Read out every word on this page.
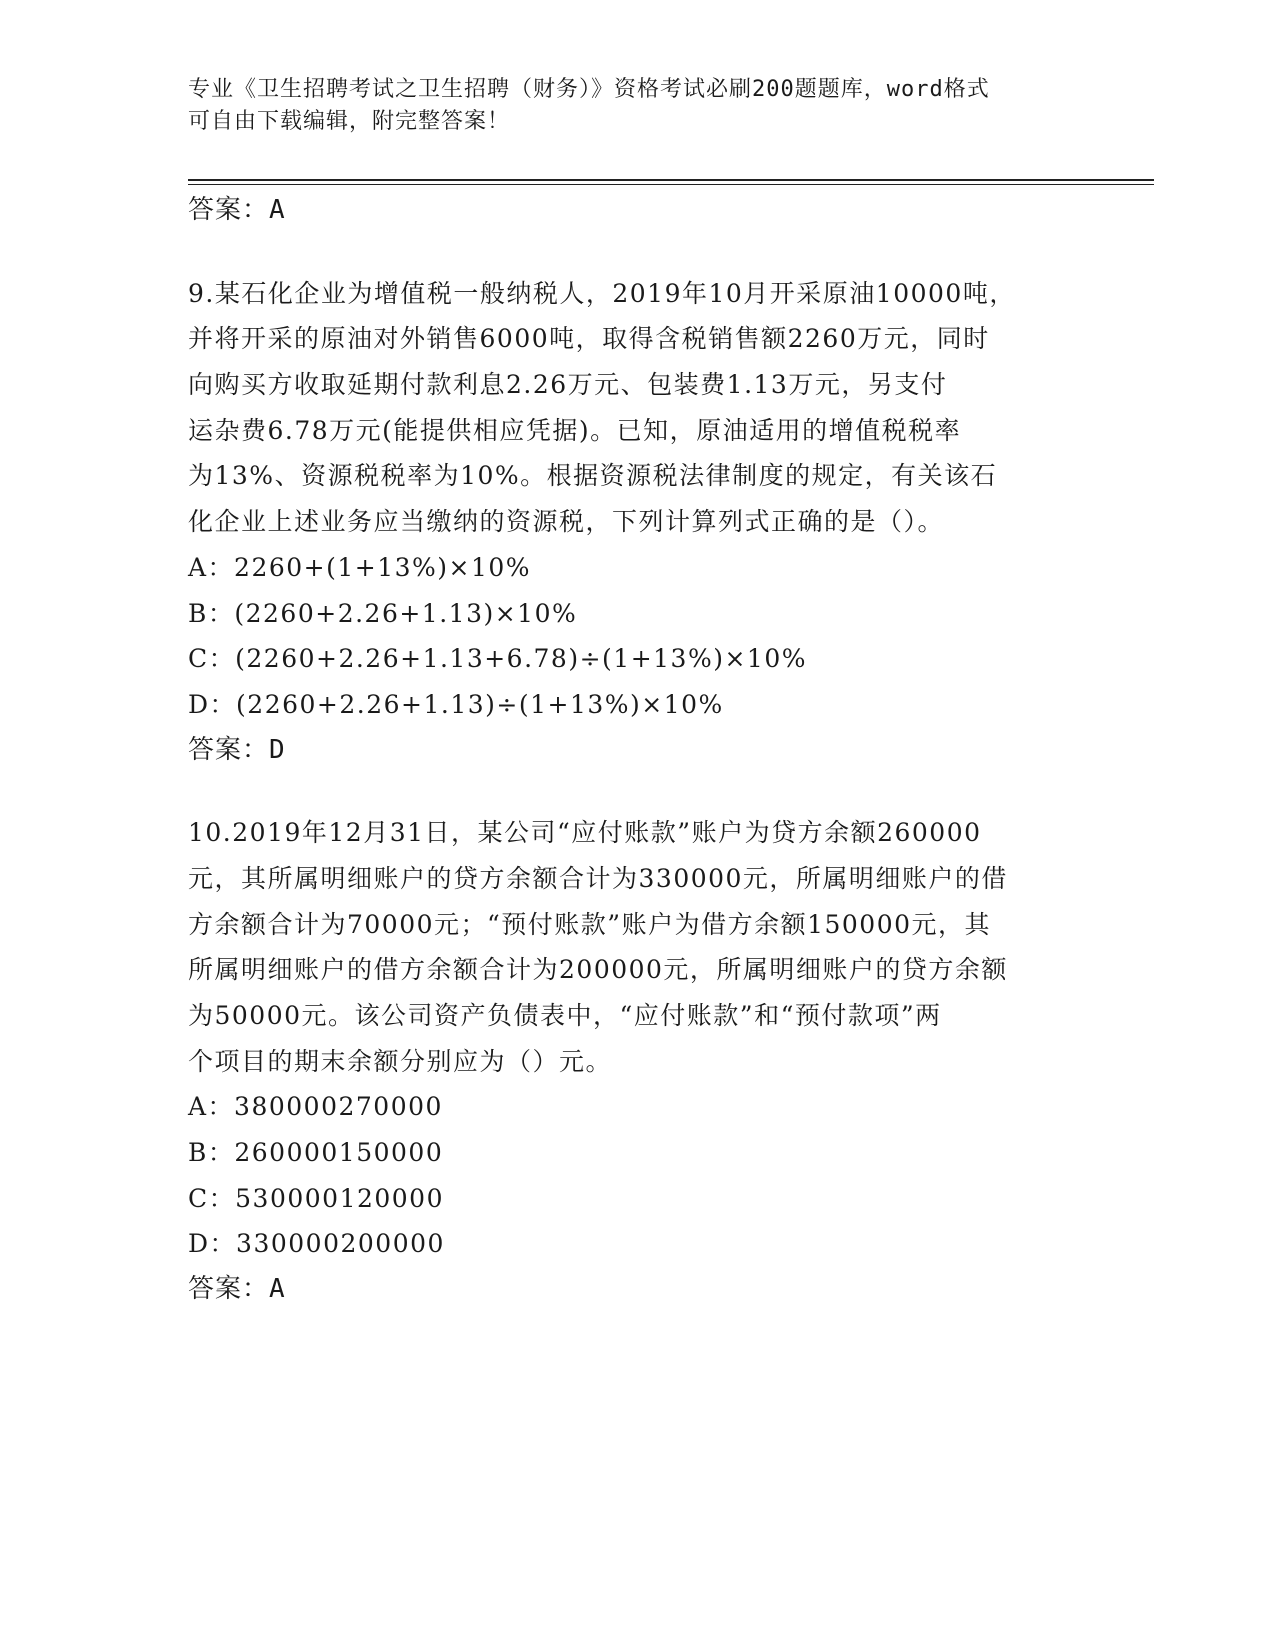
专业《卫生招聘考试之卫生招聘（财务）》资格考试必刷200题题库，word格式
可自由下载编辑，附完整答案！
答案：A
9.某石化企业为增值税一般纳税人，2019年10月开采原油10000吨，
并将开采的原油对外销售6000吨，取得含税销售额2260万元，同时
向购买方收取延期付款利息2.26万元、包装费1.13万元，另支付
运杂费6.78万元(能提供相应凭据)。已知，原油适用的增值税税率
为13%、资源税税率为10%。根据资源税法律制度的规定，有关该石
化企业上述业务应当缴纳的资源税，下列计算列式正确的是（）。
A：2260+(1+13%)×10%
B：(2260+2.26+1.13)×10%
C：(2260+2.26+1.13+6.78)÷(1+13%)×10%
D：(2260+2.26+1.13)÷(1+13%)×10%
答案：D
10.2019年12月31日，某公司“应付账款”账户为贷方余额260000
元，其所属明细账户的贷方余额合计为330000元，所属明细账户的借
方余额合计为70000元；“预付账款”账户为借方余额150000元，其
所属明细账户的借方余额合计为200000元，所属明细账户的贷方余额
为50000元。该公司资产负债表中，“应付账款”和“预付款项”两
个项目的期末余额分别应为（）元。
A：380000270000
B：260000150000
C：530000120000
D：330000200000
答案：A
